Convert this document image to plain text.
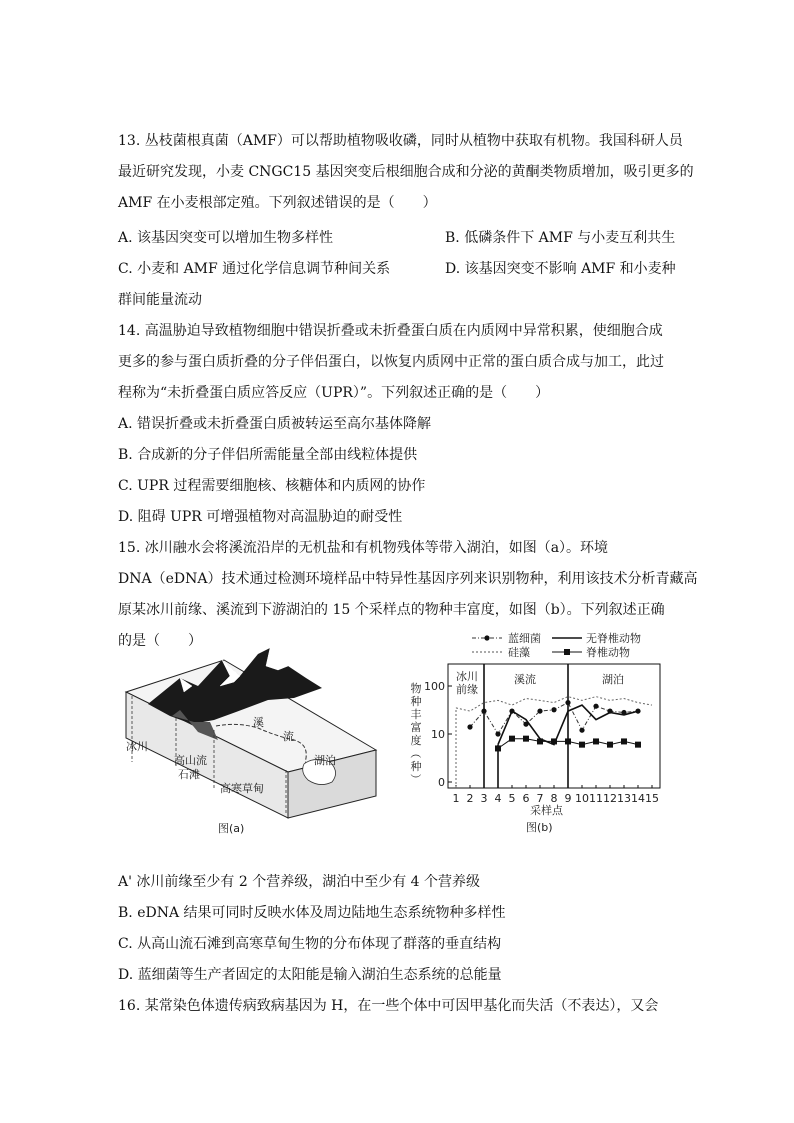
13. 丛枝菌根真菌（AMF）可以帮助植物吸收磷，同时从植物中获取有机物。我国科研人员
最近研究发现，小麦 CNGC15 基因突变后根细胞合成和分泌的黄酮类物质增加，吸引更多的
AMF 在小麦根部定殖。下列叙述错误的是（　　）
A. 该基因突变可以增加生物多样性	B. 低磷条件下 AMF 与小麦互利共生
C. 小麦和 AMF 通过化学信息调节种间关系	D. 该基因突变不影响 AMF 和小麦种
群间能量流动
14. 高温胁迫导致植物细胞中错误折叠或未折叠蛋白质在内质网中异常积累，使细胞合成
更多的参与蛋白质折叠的分子伴侣蛋白，以恢复内质网中正常的蛋白质合成与加工，此过
程称为“未折叠蛋白质应答反应（UPR）”。下列叙述正确的是（　　）
A. 错误折叠或未折叠蛋白质被转运至高尔基体降解
B. 合成新的分子伴侣所需能量全部由线粒体提供
C. UPR 过程需要细胞核、核糖体和内质网的协作
D. 阻碍 UPR 可增强植物对高温胁迫的耐受性
15. 冰川融水会将溪流沿岸的无机盐和有机物残体等带入湖泊，如图（a）。环境
DNA（eDNA）技术通过检测环境样品中特异性基因序列来识别物种，利用该技术分析青藏高
原某冰川前缘、溪流到下游湖泊的 15 个采样点的物种丰富度，如图（b）。下列叙述正确
的是（　　）
冰川
高山流
石滩
高寒草甸
溪
流
湖泊
图(a)
蓝细菌	无脊椎动物
硅藻	脊椎动物
物
种
丰
富
度
（
种
）
冰川
前缘
溪流	湖泊
100
10
0
1 2 3 4 5 6 7 8 9 10 11 12 13 14 15
采样点
图(b)
A' 冰川前缘至少有 2 个营养级，湖泊中至少有 4 个营养级
B. eDNA 结果可同时反映水体及周边陆地生态系统物种多样性
C. 从高山流石滩到高寒草甸生物的分布体现了群落的垂直结构
D. 蓝细菌等生产者固定的太阳能是输入湖泊生态系统的总能量
16. 某常染色体遗传病致病基因为 H，在一些个体中可因甲基化而失活（不表达），又会
